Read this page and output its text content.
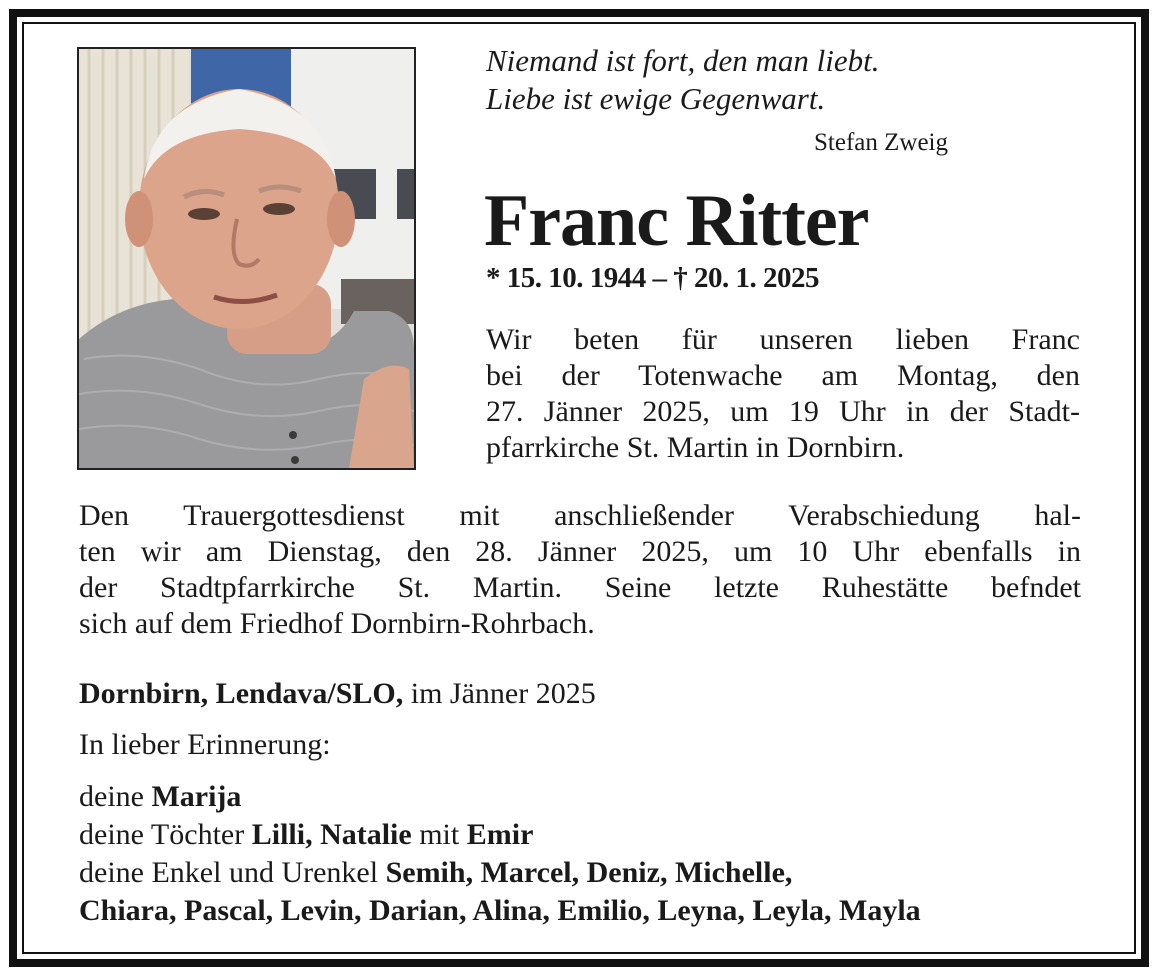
Niemand ist fort, den man liebt.
Liebe ist ewige Gegenwart.
Stefan Zweig
Franc Ritter
* 15. 10. 1944 – † 20. 1. 2025
Wir beten für unseren lieben Franc
bei der Totenwache am Montag, den
27. Jänner 2025, um 19 Uhr in der Stadt-
pfarrkirche St. Martin in Dornbirn.
Den Trauergottesdienst mit anschließender Verabschiedung hal-
ten wir am Dienstag, den 28. Jänner 2025, um 10 Uhr ebenfalls in
der Stadtpfarrkirche St. Martin. Seine letzte Ruhestätte befndet
sich auf dem Friedhof Dornbirn-Rohrbach.
Dornbirn, Lendava/SLO, im Jänner 2025
In lieber Erinnerung:
deine Marija
deine Töchter Lilli, Natalie mit Emir
deine Enkel und Urenkel Semih, Marcel, Deniz, Michelle,
Chiara, Pascal, Levin, Darian, Alina, Emilio, Leyna, Leyla, Mayla
